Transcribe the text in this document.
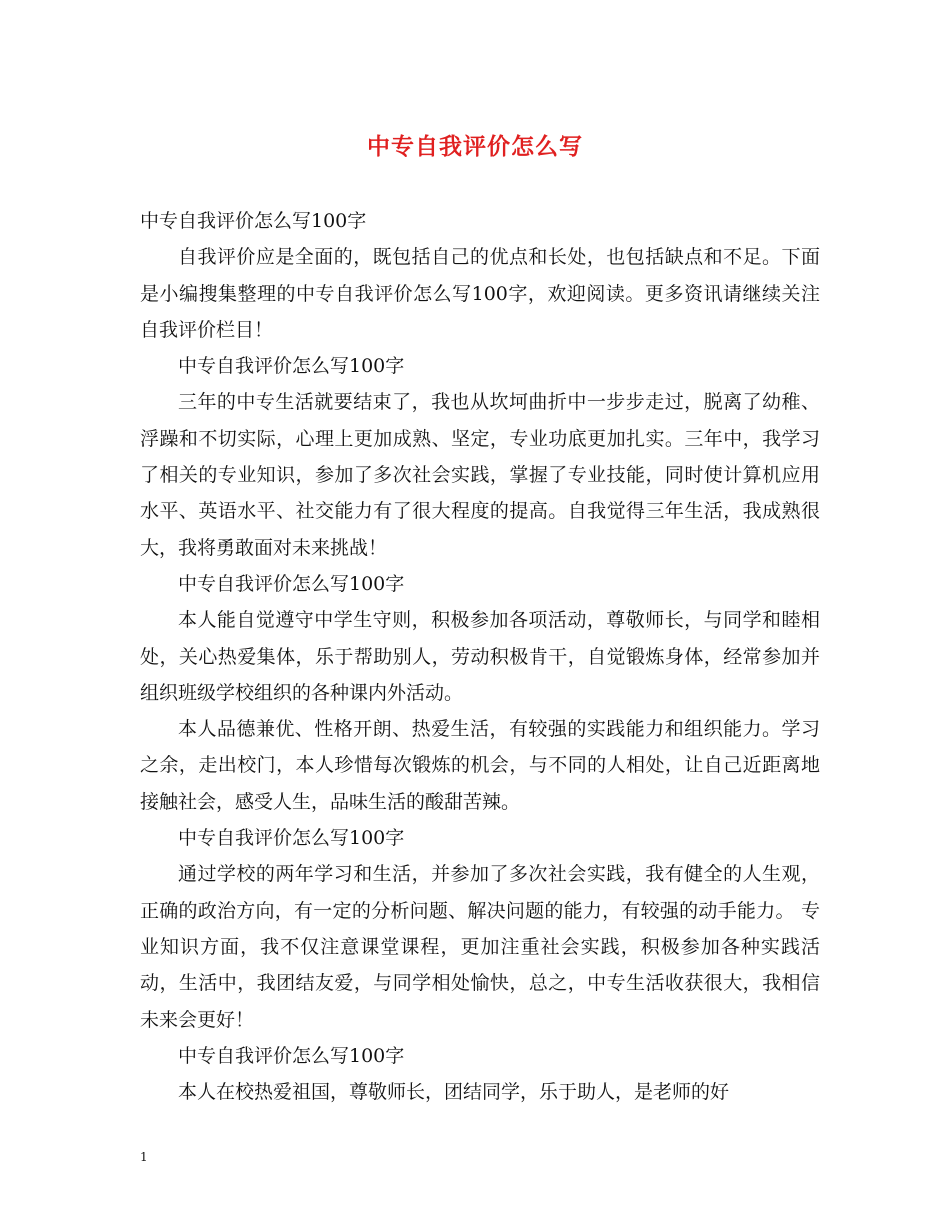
中专自我评价怎么写

中专自我评价怎么写100字

自我评价应是全面的，既包括自己的优点和长处，也包括缺点和不足。下面是小编搜集整理的中专自我评价怎么写100字，欢迎阅读。更多资讯请继续关注自我评价栏目！

中专自我评价怎么写100字

三年的中专生活就要结束了，我也从坎坷曲折中一步步走过，脱离了幼稚、浮躁和不切实际，心理上更加成熟、坚定，专业功底更加扎实。三年中，我学习了相关的专业知识，参加了多次社会实践，掌握了专业技能，同时使计算机应用水平、英语水平、社交能力有了很大程度的提高。自我觉得三年生活，我成熟很大，我将勇敢面对未来挑战！

中专自我评价怎么写100字

本人能自觉遵守中学生守则，积极参加各项活动，尊敬师长，与同学和睦相处，关心热爱集体，乐于帮助别人，劳动积极肯干，自觉锻炼身体，经常参加并组织班级学校组织的各种课内外活动。

本人品德兼优、性格开朗、热爱生活，有较强的实践能力和组织能力。学习之余，走出校门，本人珍惜每次锻炼的机会，与不同的人相处，让自己近距离地接触社会，感受人生，品味生活的酸甜苦辣。

中专自我评价怎么写100字

通过学校的两年学习和生活，并参加了多次社会实践，我有健全的人生观，正确的政治方向，有一定的分析问题、解决问题的能力，有较强的动手能力。 专业知识方面，我不仅注意课堂课程，更加注重社会实践，积极参加各种实践活动，生活中，我团结友爱，与同学相处愉快，总之，中专生活收获很大，我相信未来会更好！

中专自我评价怎么写100字

本人在校热爱祖国，尊敬师长，团结同学，乐于助人，是老师的好

1
